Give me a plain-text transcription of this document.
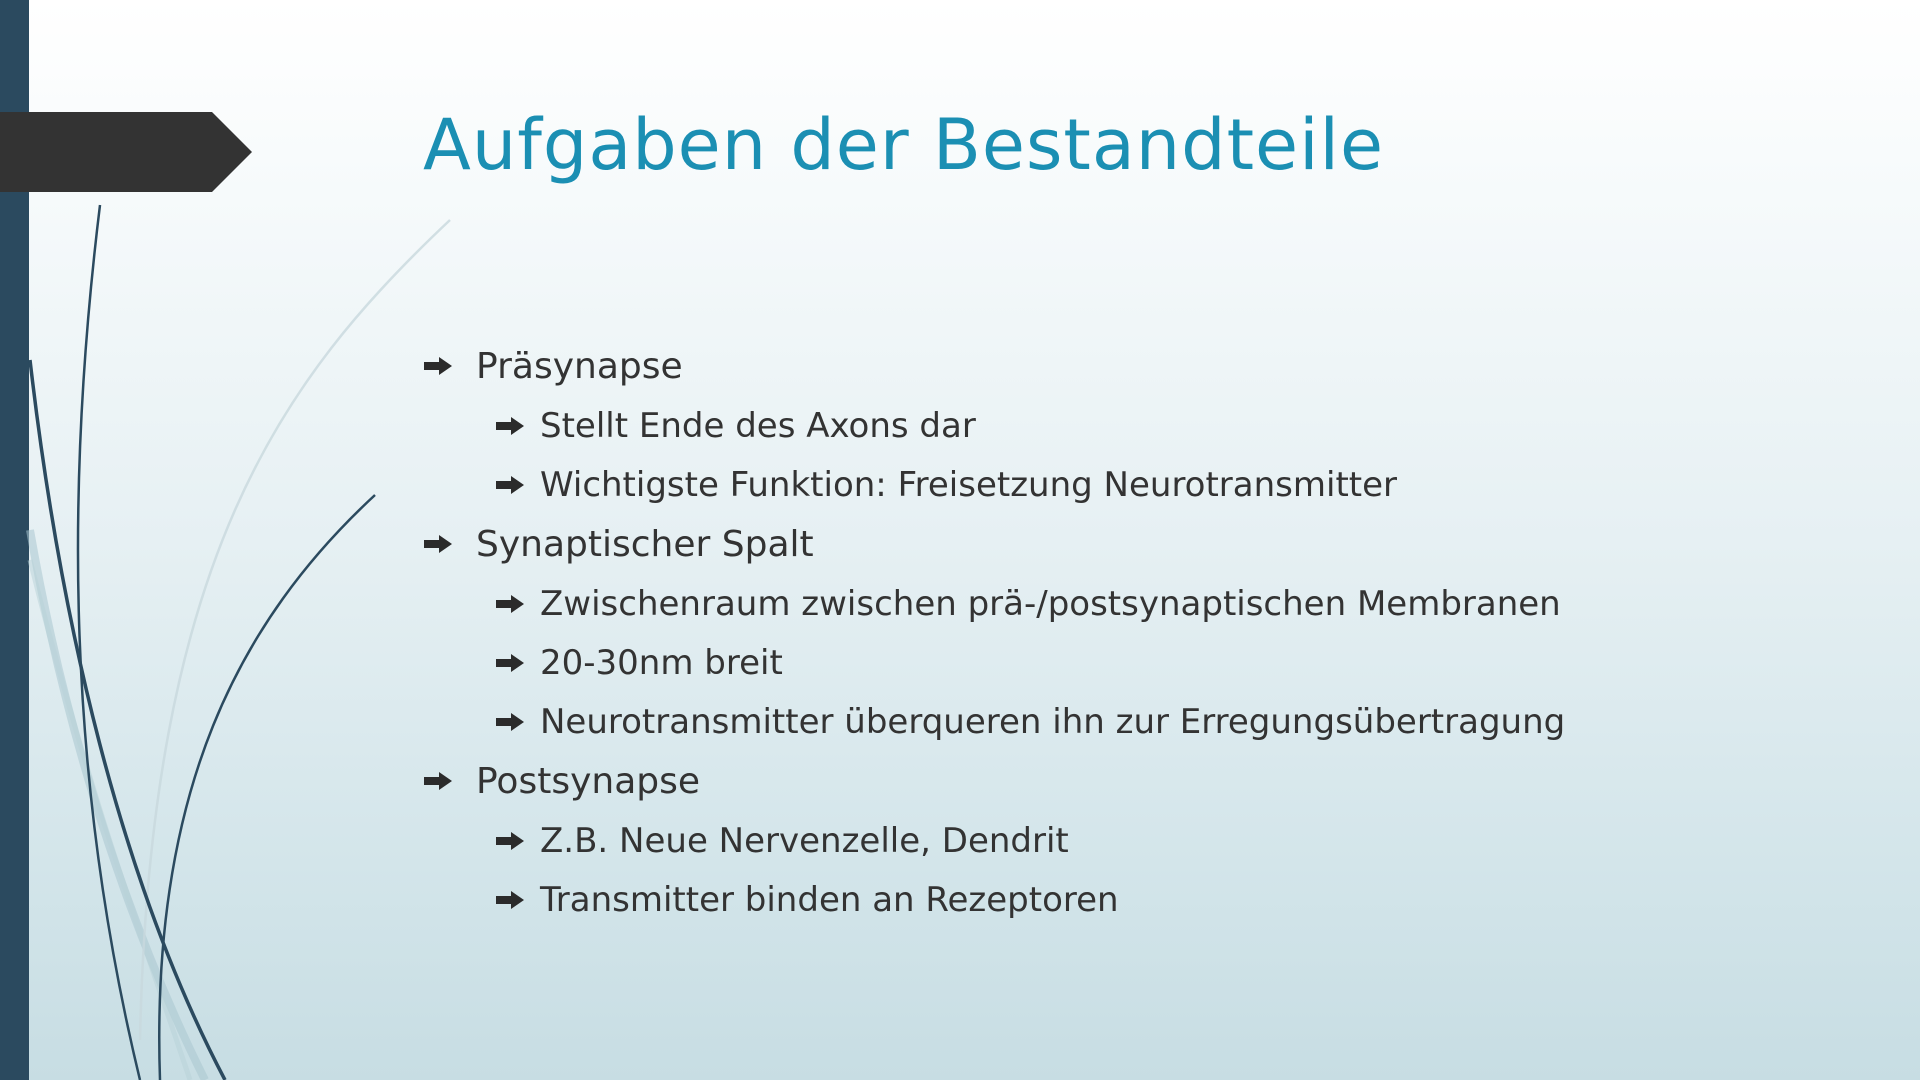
Aufgaben der Bestandteile
Präsynapse
Stellt Ende des Axons dar
Wichtigste Funktion: Freisetzung Neurotransmitter
Synaptischer Spalt
Zwischenraum zwischen prä-/postsynaptischen Membranen
20-30nm breit
Neurotransmitter überqueren ihn zur Erregungsübertragung
Postsynapse
Z.B. Neue Nervenzelle, Dendrit
Transmitter binden an Rezeptoren
